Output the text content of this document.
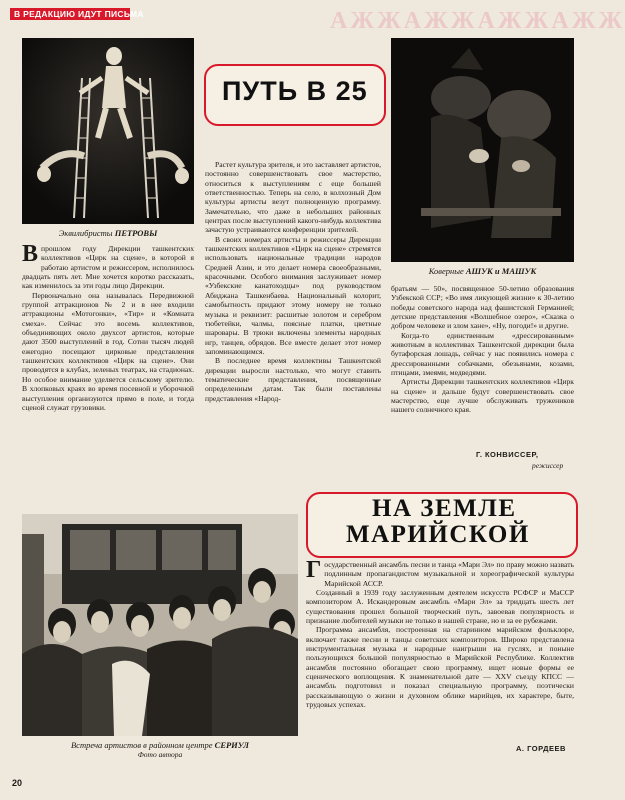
В РЕДАКЦИЮ ИДУТ ПИСЬМА	АЖЖАЖЖАЖЖАЖЖ
Эквилибристы ПЕТРОВЫ
ПУТЬ В 25
Коверные АШУК и МАШУК

В прошлом году Дирекции ташкентских коллективов «Цирк на сцене», в которой я работаю артистом и режиссером, исполнилось двадцать пять лет. Мне хочется коротко рассказать, как изменилось за эти годы лицо Дирекции.

Первоначально она называлась Передвижной группой аттракционов № 2 и в нее входили аттракционы «Мотогонки», «Тир» и «Комната смеха». Сейчас это восемь коллективов, объединяющих около двухсот артистов, которые дают 3500 выступлений в год. Сотни тысяч людей ежегодно посещают цирковые представления ташкентских коллективов «Цирк на сцене». Они проводятся в клубах, зеленых театрах, на стадионах. Но особое внимание уделяется сельскому зрителю. В хлопковых краях во время посевной и уборочной выступления организуются прямо в поле, и тогда сценой служат грузовики.

Растет культура зрителя, и это заставляет артистов, постоянно совершенствовать свое мастерство, относиться к выступлениям с еще большей ответственностью. Теперь на село, в колхозный Дом культуры артисты везут полноценную программу. Замечательно, что даже в небольших районных центрах после выступлений какого-нибудь коллектива зачастую устраиваются конференции зрителей.

В своих номерах артисты и режиссеры Дирекции ташкентских коллективов «Цирк на сцене» стремятся использовать национальные традиции народов Средней Азии, и это делает номера своеобразными, красочными. Особого внимания заслуживает номер «Узбекские канатоходцы» под руководством Абиджана Ташкенбаева. Национальный колорит, самобытность придают этому номеру не только музыка и реквизит: расшитые золотом и серебром тюбетейки, чалмы, поясные платки, цветные шаровары. В трюки включены элементы народных игр, танцев, обрядов. Все вместе делает этот номер запоминающимся.

В последнее время коллективы Ташкентской дирекции выросли настолько, что могут ставить тематические представления, посвященные определенным датам. Так были поставлены представления «Народ-

братьям — 50», посвященное 50-летию образования Узбекской ССР; «Во имя ликующей жизни» к 30-летию победы советского народа над фашистской Германией; детские представления «Волшебное озеро», «Сказка о добром человеке и злом хане», «Ну, погоди!» и другие.

Когда-то единственным «дрессированным» животным в коллективах Ташкентской дирекции была бутафорская лошадь, сейчас у нас появились номера с дрессированными собачками, обезьянами, козами, птицами, змеями, медведями.

Артисты Дирекции ташкентских коллективов «Цирк на сцене» и дальше будут совершенствовать свое мастерство, еще лучше обслуживать тружеников нашего солнечного края.

Г. КОНВИССЕР,
режиссер
НА ЗЕМЛЕ
МАРИЙСКОЙ
Встреча артистов в районном центре СЕРИУЛ
Фото автора

Государственный ансамбль песни и танца «Мари Эл» по праву можно назвать подлинным пропагандистом музыкальной и хореографической культуры Марийской АССР.

Созданный в 1939 году заслуженным деятелем искусств РСФСР и МаССР композитором А. Искандеровым ансамбль «Мари Эл» за тридцать шесть лет существования прошел большой творческий путь, завоевав популярность и признание любителей музыки не только в нашей стране, но и за ее рубежами.

Программа ансамбля, построенная на старинном марийском фольклоре, включает также песни и танцы советских композиторов. Широко представлена инструментальная музыка и народные наигрыши на гуслях, и поныне пользующихся большой популярностью в Марийской Республике. Коллектив ансамбля постоянно обогащает свою программу, ищет новые формы ее сценического воплощения. К знаменательной дате — XXV съезду КПСС — ансамбль подготовил и показал специальную программу, поэтически рассказывающую о жизни и духовном облике марийцев, их характере, быте, трудовых успехах.

А. ГОРДЕЕВ
20
